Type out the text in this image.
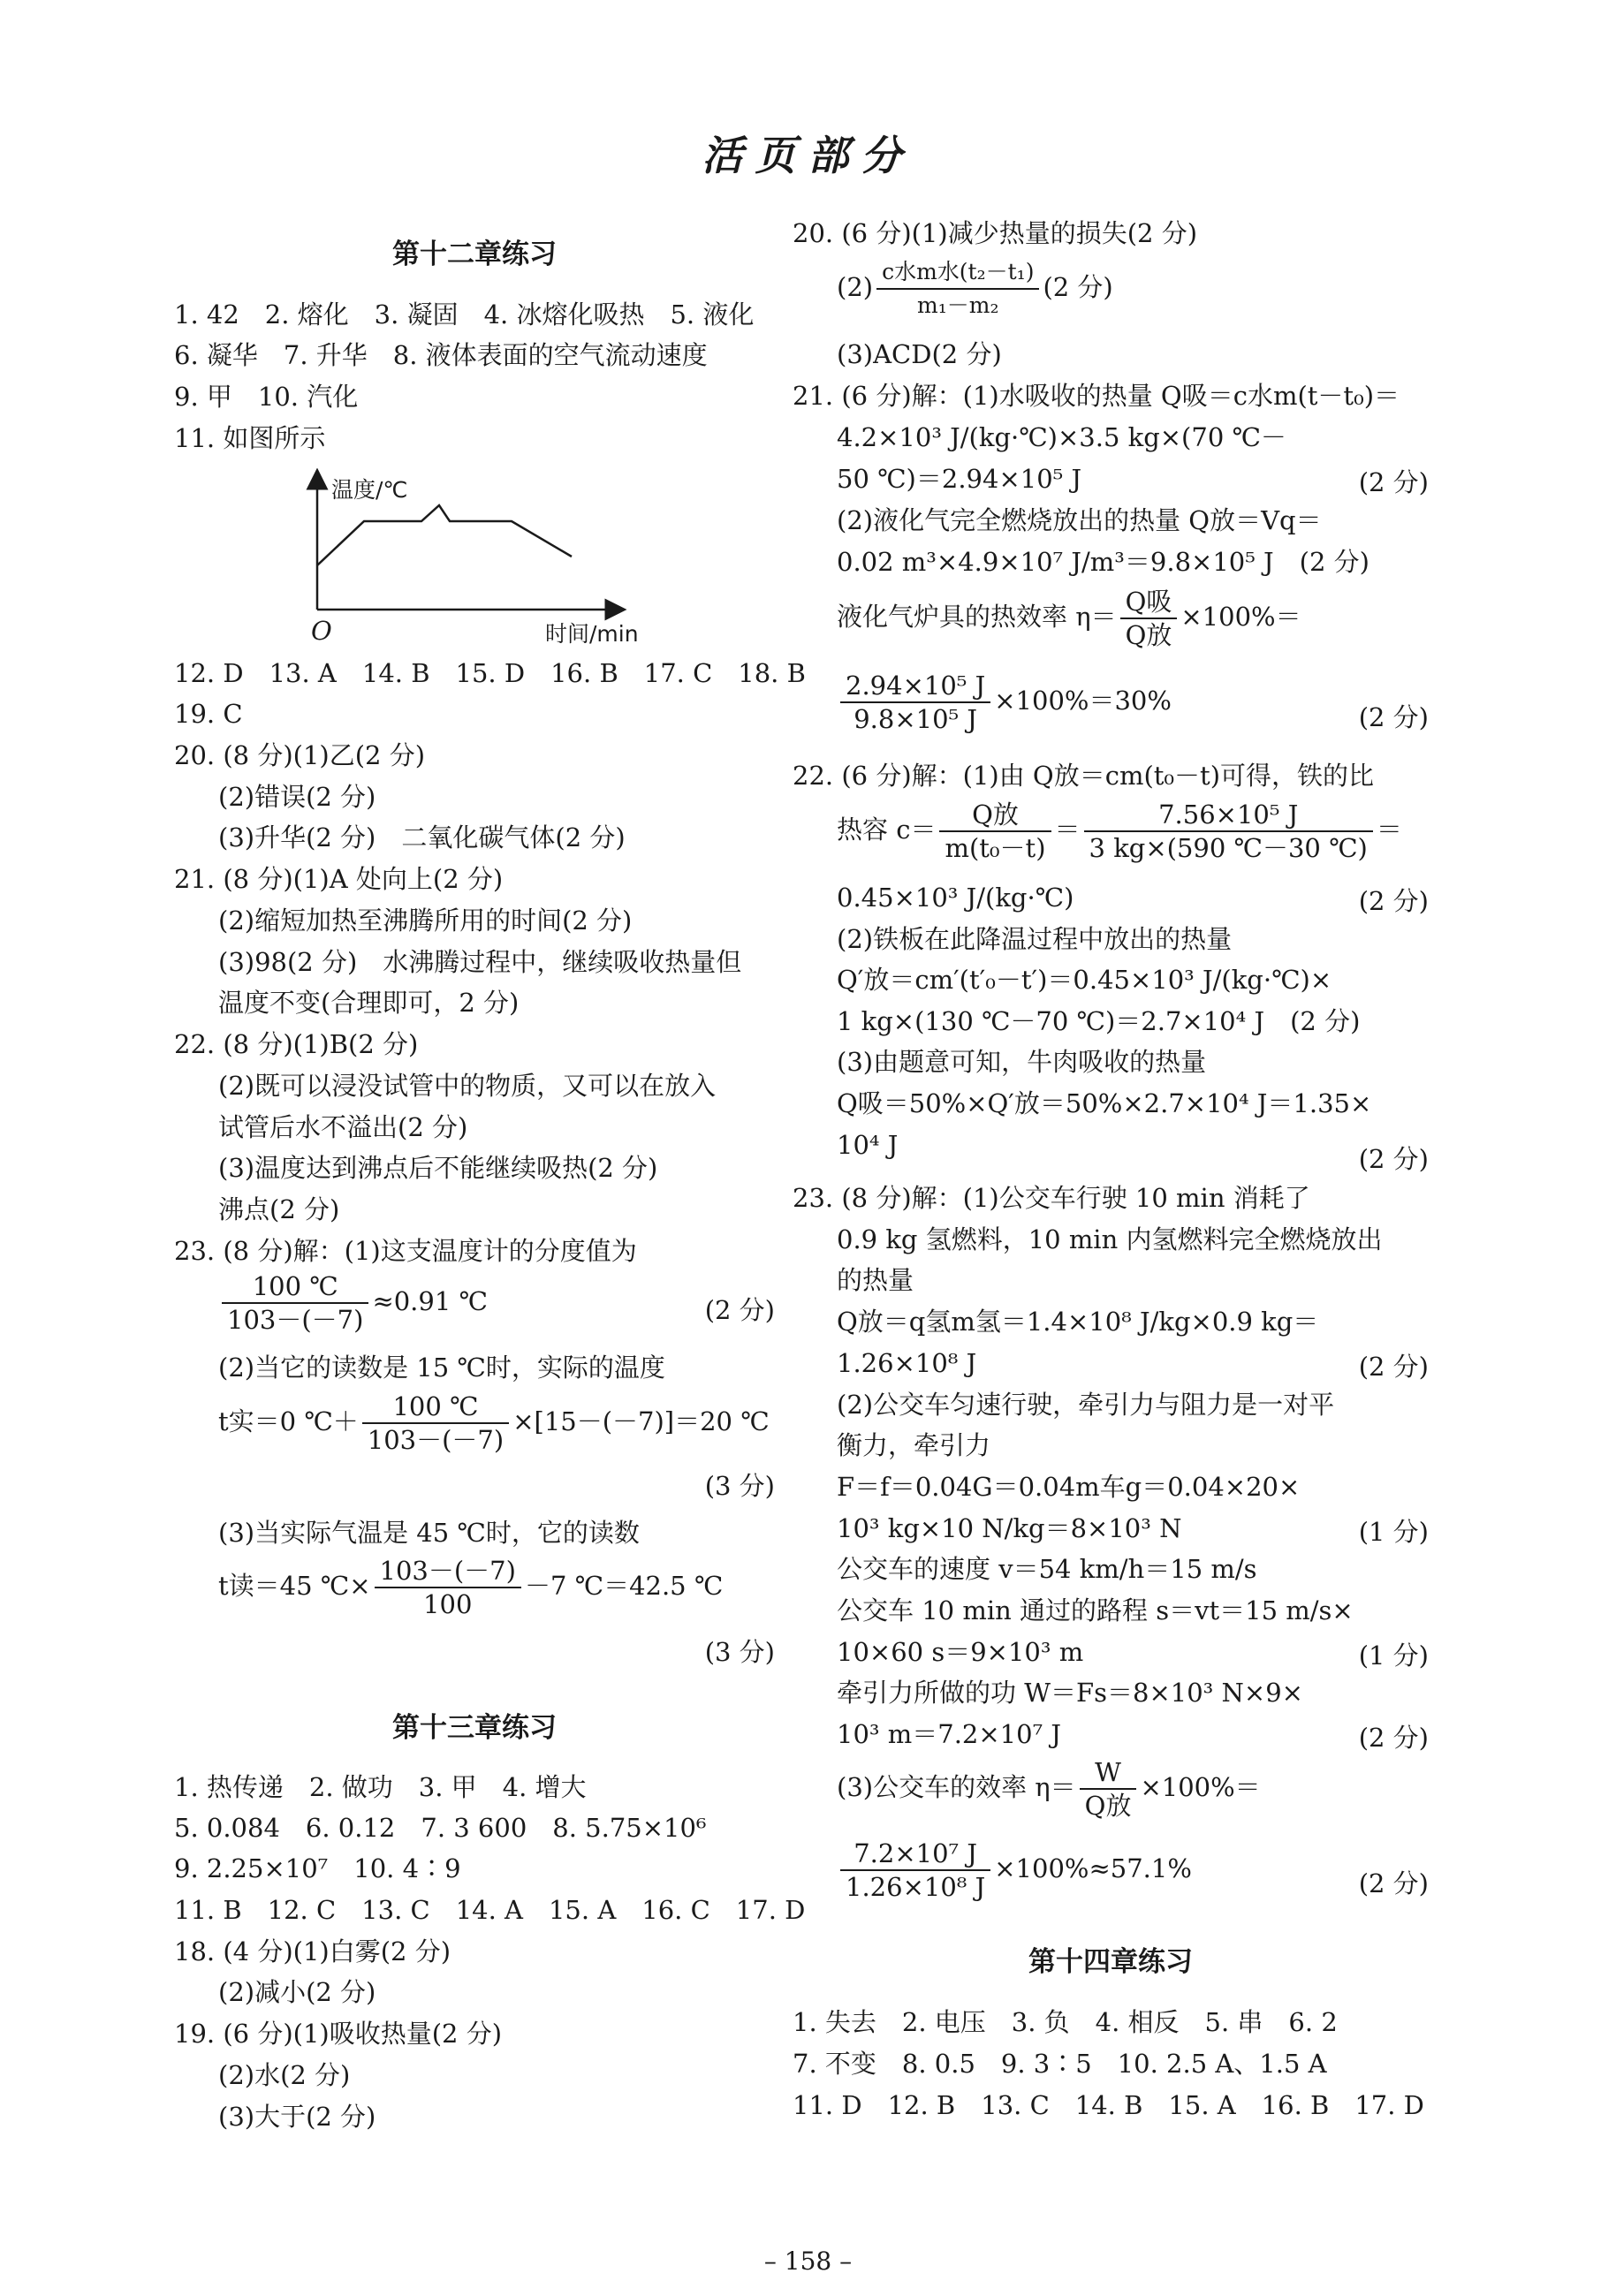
活页部分
第十二章练习
1. 42　2. 熔化　3. 凝固　4. 冰熔化吸热　5. 液化
6. 凝华　7. 升华　8. 液体表面的空气流动速度
9. 甲　10. 汽化
11. 如图所示
温度/℃
O	时间/min
12. D　13. A　14. B　15. D　16. B　17. C　18. B
19. C
20. (8 分)(1)乙(2 分)
(2)错误(2 分)
(3)升华(2 分)　二氧化碳气体(2 分)
21. (8 分)(1)A 处向上(2 分)
(2)缩短加热至沸腾所用的时间(2 分)
(3)98(2 分)　水沸腾过程中，继续吸收热量但
温度不变(合理即可，2 分)
22. (8 分)(1)B(2 分)
(2)既可以浸没试管中的物质，又可以在放入
试管后水不溢出(2 分)
(3)温度达到沸点后不能继续吸热(2 分)
沸点(2 分)
23. (8 分)解：(1)这支温度计的分度值为
$\frac{100 ℃}{103-(-7)} \approx 0.91$ ℃	(2 分)
(2)当它的读数是 15 ℃时，实际的温度
t实＝0 ℃＋ $\frac{100 ℃}{103-(-7)} \times[15-(-7)]=20$ ℃
(3 分)
(3)当实际气温是 45 ℃时，它的读数
t读＝45 ℃× $\frac{103-(-7)}{100} -7$ ℃＝42.5 ℃
(3 分)
第十三章练习
1. 热传递　2. 做功　3. 甲　4. 增大
5. 0.084　6. 0.12　7. 3 600　8. 5.75×10⁶
9. 2.25×10⁷　10. 4∶9
11. B　12. C　13. C　14. A　15. A　16. C　17. D
18. (4 分)(1)白雾(2 分)
(2)减小(2 分)
19. (6 分)(1)吸收热量(2 分)
(2)水(2 分)
(3)大于(2 分)
20. (6 分)(1)减少热量的损失(2 分)
$(2) \frac{\text{c水m水(t₂－t₁)}}{\text{m₁－m₂}} (2$ 分)
(3)ACD(2 分)
21. (6 分)解：(1)水吸收的热量 Q吸＝c水m(t－t₀)＝
4.2×10³ J/(kg·℃)×3.5 kg×(70 ℃－
50 ℃)＝2.94×10⁵ J	(2 分)
(2)液化气完全燃烧放出的热量 Q放＝Vq＝
0.02 m³×4.9×10⁷ J/m³＝9.8×10⁵ J　(2 分)
液化气炉具的热效率 $\eta= \frac{\text{Q吸}}{\text{Q放}} \times 100\%=$
$\frac{\text{2.94×10⁵ J}}{\text{9.8×10⁵ J}} \times 100\%=30\%$
(2 分)
22. (6 分)解：(1)由 Q放＝cm(t₀－t)可得，铁的比
热容 $c= \frac{\text{Q放}}{\text{m(t₀－t)}} = \frac{\text{7.56×10⁵ J}}{3 kg\times(590 ℃-30 ℃)}$ ＝
0.45×10³ J/(kg·℃)	(2 分)
(2)铁板在此降温过程中放出的热量
Q′放＝cm′(t′₀－t′)＝0.45×10³ J/(kg·℃)×
1 kg×(130 ℃－70 ℃)＝2.7×10⁴ J　(2 分)
(3)由题意可知，牛肉吸收的热量
Q吸＝50%×Q′放＝50%×2.7×10⁴ J＝1.35×
10⁴ J	(2 分)
23. (8 分)解：(1)公交车行驶 10 min 消耗了
0.9 kg 氢燃料，10 min 内氢燃料完全燃烧放出
的热量
Q放＝q氢m氢＝1.4×10⁸ J/kg×0.9 kg＝
1.26×10⁸ J	(2 分)
(2)公交车匀速行驶，牵引力与阻力是一对平
衡力，牵引力
F＝f＝0.04G＝0.04m车g＝0.04×20×
10³ kg×10 N/kg＝8×10³ N	(1 分)
公交车的速度 v＝54 km/h＝15 m/s
公交车 10 min 通过的路程 s＝vt＝15 m/s×
10×60 s＝9×10³ m	(1 分)
牵引力所做的功 W＝Fs＝8×10³ N×9×
10³ m＝7.2×10⁷ J	(2 分)
(3)公交车的效率 $\eta= \frac{W}{\text{Q放}} \times 100\%=$
$\frac{\text{7.2×10⁷ J}}{\text{1.26×10⁸ J}} \times 100\%\approx 57.1\%$	(2 分)
第十四章练习
1. 失去　2. 电压　3. 负　4. 相反　5. 串　6. 2
7. 不变　8. 0.5　9. 3∶5　10. 2.5 A、1.5 A
11. D　12. B　13. C　14. B　15. A　16. B　17. D
– 158 –
